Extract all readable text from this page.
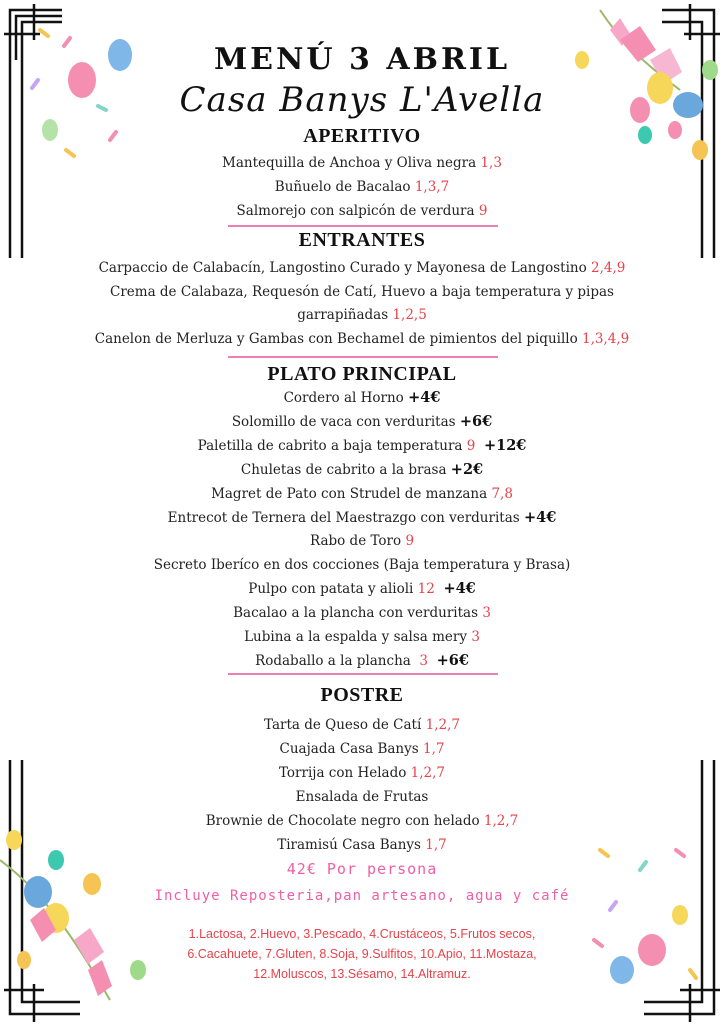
MENÚ 3 ABRIL
Casa Banys L'Avella
APERITIVO
Mantequilla de Anchoa y Oliva negra 1,3
Buñuelo de Bacalao 1,3,7
Salmorejo con salpicón de verdura 9
ENTRANTES
Carpaccio de Calabacín, Langostino Curado y Mayonesa de Langostino 2,4,9
Crema de Calabaza, Requesón de Catí, Huevo a baja temperatura y pipas
garrapiñadas 1,2,5
Canelon de Merluza y Gambas con Bechamel de pimientos del piquillo 1,3,4,9
PLATO PRINCIPAL
Cordero al Horno +4€
Solomillo de vaca con verduritas +6€
Paletilla de cabrito a baja temperatura 9 +12€
Chuletas de cabrito a la brasa +2€
Magret de Pato con Strudel de manzana 7,8
Entrecot de Ternera del Maestrazgo con verduritas +4€
Rabo de Toro 9
Secreto Iberíco en dos cocciones (Baja temperatura y Brasa)
Pulpo con patata y alioli 12 +4€
Bacalao a la plancha con verduritas 3
Lubina a la espalda y salsa mery 3
Rodaballo a la plancha 3 +6€
POSTRE
Tarta de Queso de Catí 1,2,7
Cuajada Casa Banys 1,7
Torrija con Helado 1,2,7
Ensalada de Frutas
Brownie de Chocolate negro con helado 1,2,7
Tiramisú Casa Banys 1,7
42€ Por persona
Incluye Reposteria,pan artesano, agua y café
1.Lactosa, 2.Huevo, 3.Pescado, 4.Crustáceos, 5.Frutos secos,
6.Cacahuete, 7.Gluten, 8.Soja, 9.Sulfitos, 10.Apio, 11.Mostaza,
12.Moluscos, 13.Sésamo, 14.Altramuz.
